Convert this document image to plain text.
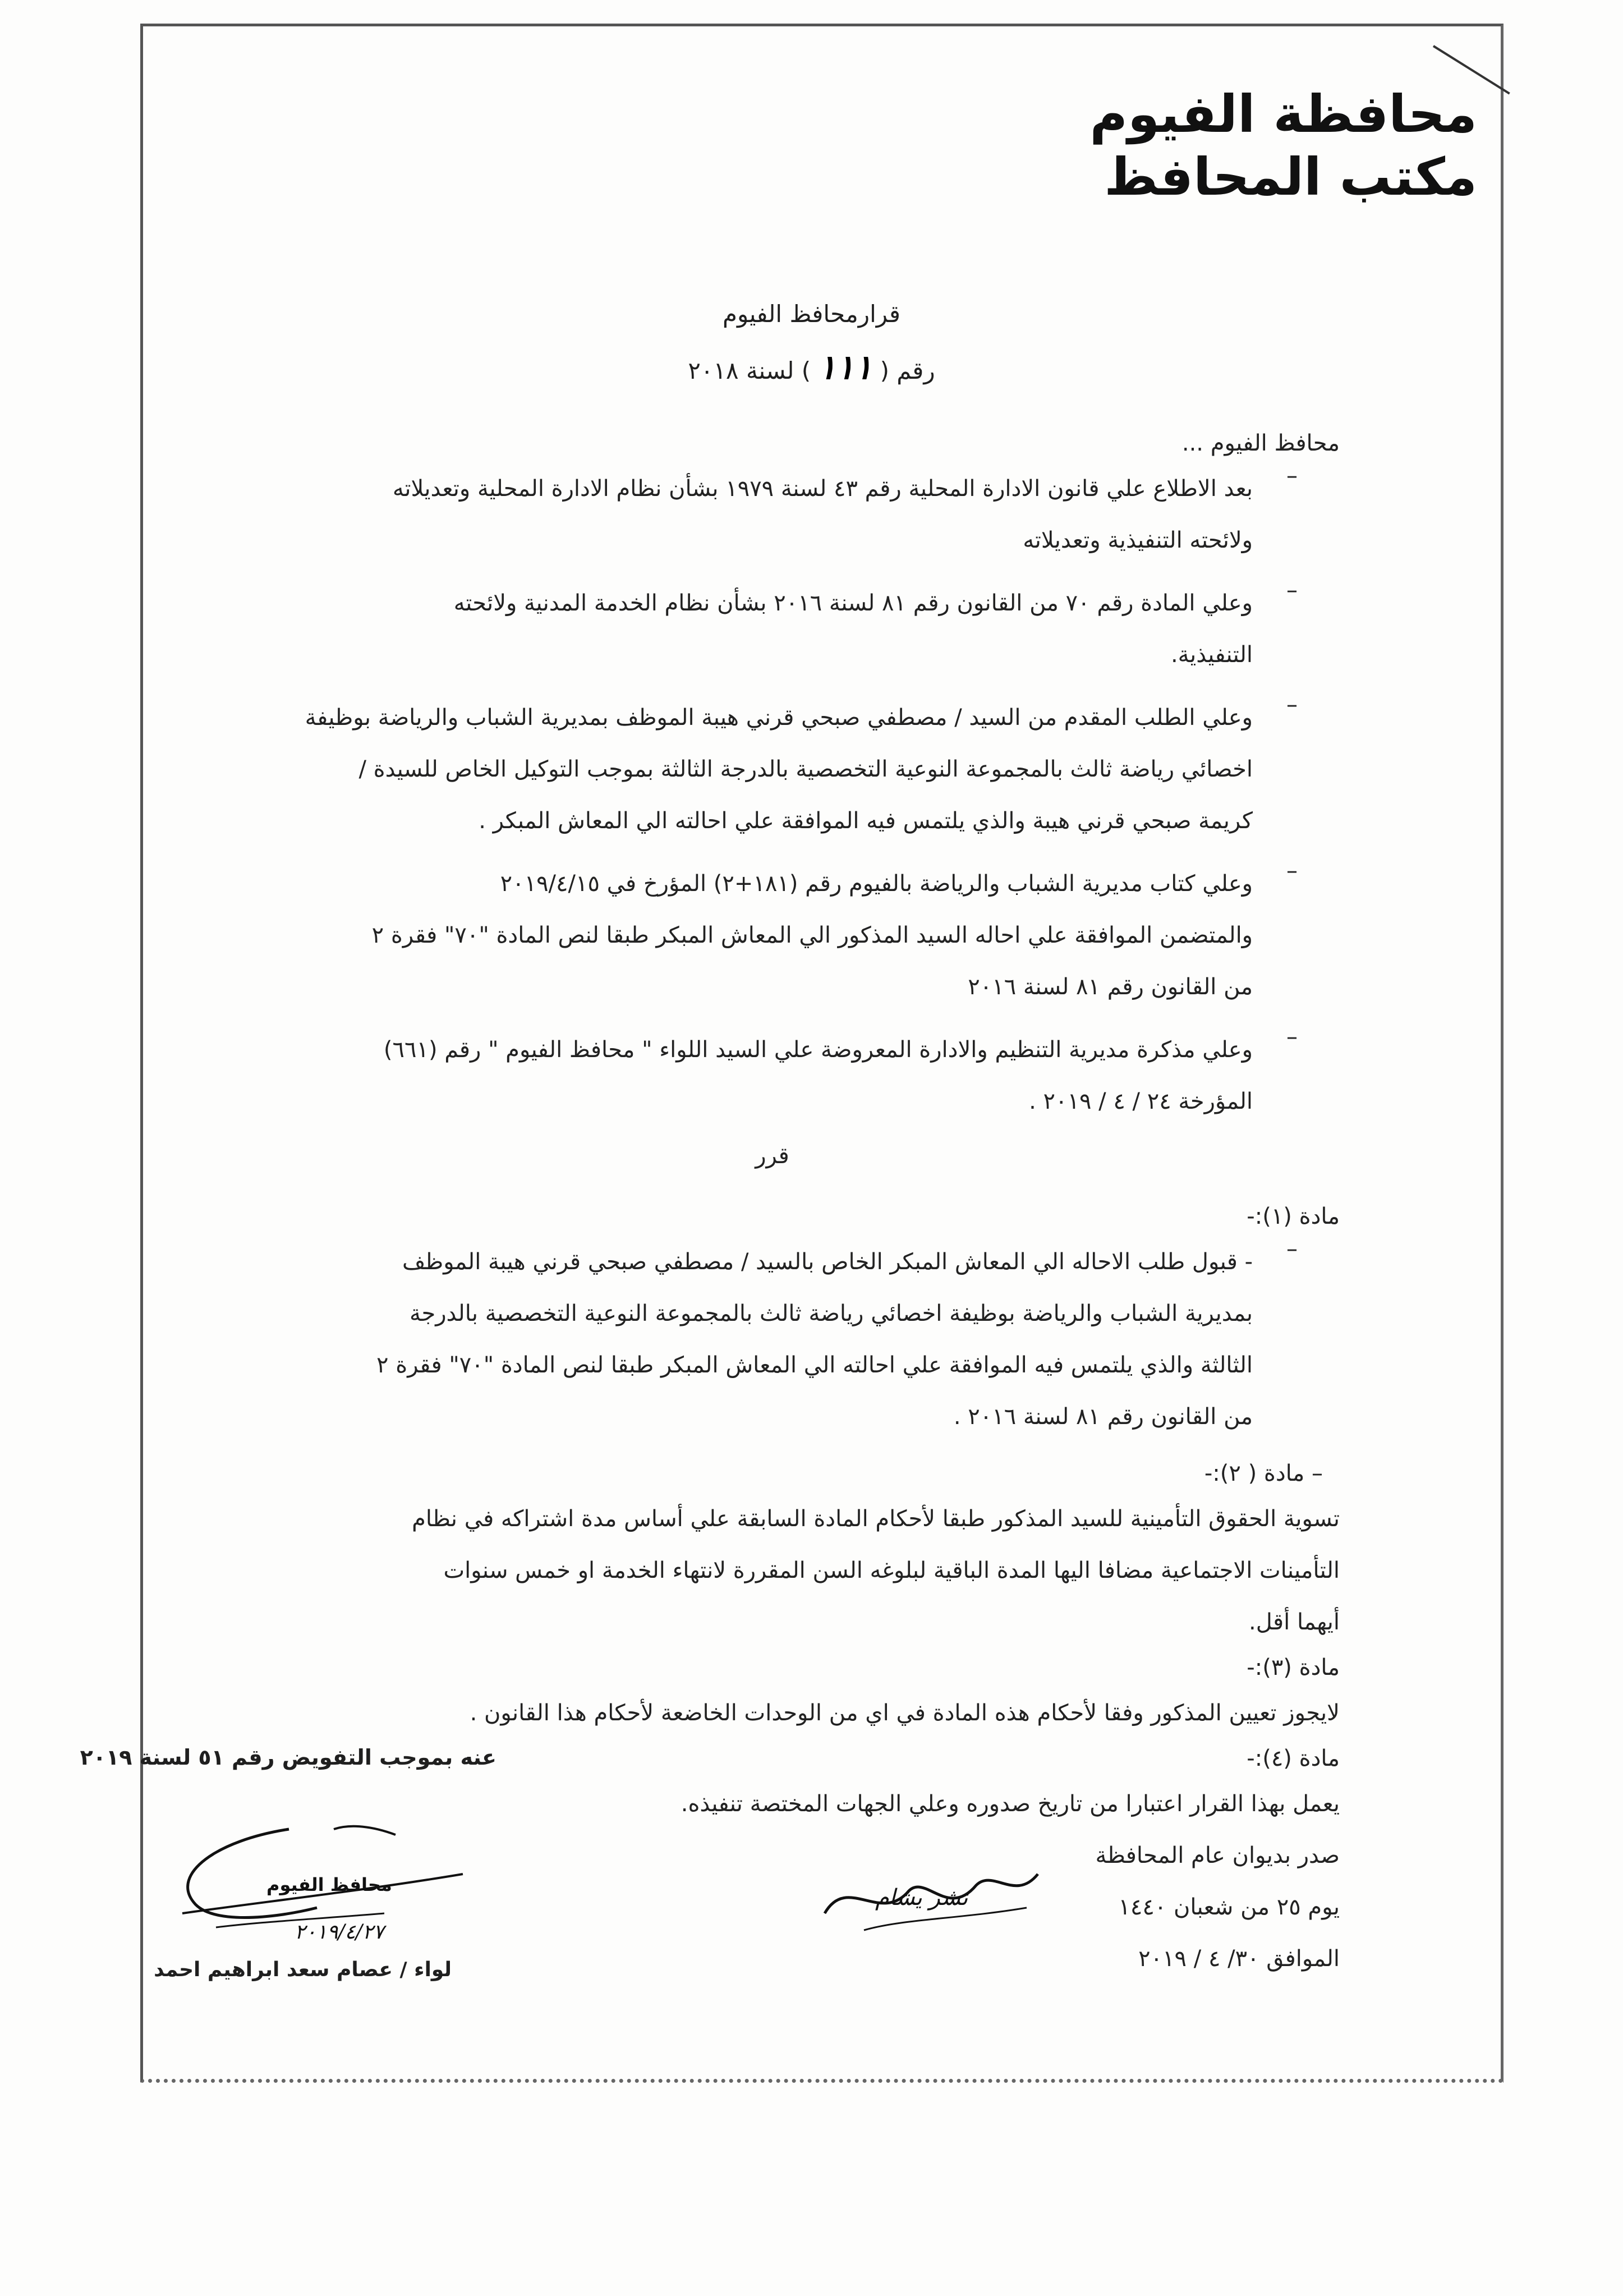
محافظة الفيوم
مكتب المحافظ
قرارمحافظ الفيوم
رقم ( ١١١ ) لسنة ٢٠١٨

محافظ الفيوم ...

–

بعد الاطلاع علي قانون الادارة المحلية رقم ٤٣ لسنة ١٩٧٩ بشأن نظام الادارة المحلية وتعديلاته

ولائحته التنفيذية وتعديلاته

–

وعلي المادة رقم ٧٠ من القانون رقم ٨١ لسنة ٢٠١٦ بشأن نظام الخدمة المدنية ولائحته

التنفيذية.

–

وعلي الطلب المقدم من السيد / مصطفي صبحي قرني هيبة الموظف بمديرية الشباب والرياضة بوظيفة

اخصائي رياضة ثالث بالمجموعة النوعية التخصصية بالدرجة الثالثة بموجب التوكيل الخاص للسيدة /

كريمة صبحي قرني هيبة والذي يلتمس فيه الموافقة علي احالته الي المعاش المبكر .

–

وعلي كتاب مديرية الشباب والرياضة بالفيوم رقم (١٨١+٢) المؤرخ في ٢٠١٩/٤/١٥

والمتضمن الموافقة علي احاله السيد المذكور الي المعاش المبكر طبقا لنص المادة "٧٠" فقرة ٢

من القانون رقم ٨١ لسنة ٢٠١٦

–

وعلي مذكرة مديرية التنظيم والادارة المعروضة علي السيد اللواء " محافظ الفيوم " رقم (٦٦١)

المؤرخة ٢٤ / ٤ / ٢٠١٩ .

قرر

مادة (١):-

–

- قبول طلب الاحاله الي المعاش المبكر الخاص بالسيد / مصطفي صبحي قرني هيبة الموظف

بمديرية الشباب والرياضة بوظيفة اخصائي رياضة ثالث بالمجموعة النوعية التخصصية بالدرجة

الثالثة والذي يلتمس فيه الموافقة علي احالته الي المعاش المبكر طبقا لنص المادة "٧٠" فقرة ٢

من القانون رقم ٨١ لسنة ٢٠١٦ .

– مادة ( ٢):-

تسوية الحقوق التأمينية للسيد المذكور طبقا لأحكام المادة السابقة علي أساس مدة اشتراكه في نظام

التأمينات الاجتماعية مضافا اليها المدة الباقية لبلوغه السن المقررة لانتهاء الخدمة او خمس سنوات

أيهما أقل.

مادة (٣):-

لايجوز تعيين المذكور وفقا لأحكام هذه المادة في اي من الوحدات الخاضعة لأحكام هذا القانون .

مادة (٤):-

يعمل بهذا القرار اعتبارا من تاريخ صدوره وعلي الجهات المختصة تنفيذه.

صدر بديوان عام المحافظة

يوم ٢٥ من شعبان ١٤٤٠

الموافق ٣٠/ ٤ / ٢٠١٩

عنه بموجب التفويض رقم ٥١ لسنة ٢٠١٩
محافظ الفيوم
٢٠١٩/٤/٢٧
لواء / عصام سعد ابراهيم احمد
نشر يشام
